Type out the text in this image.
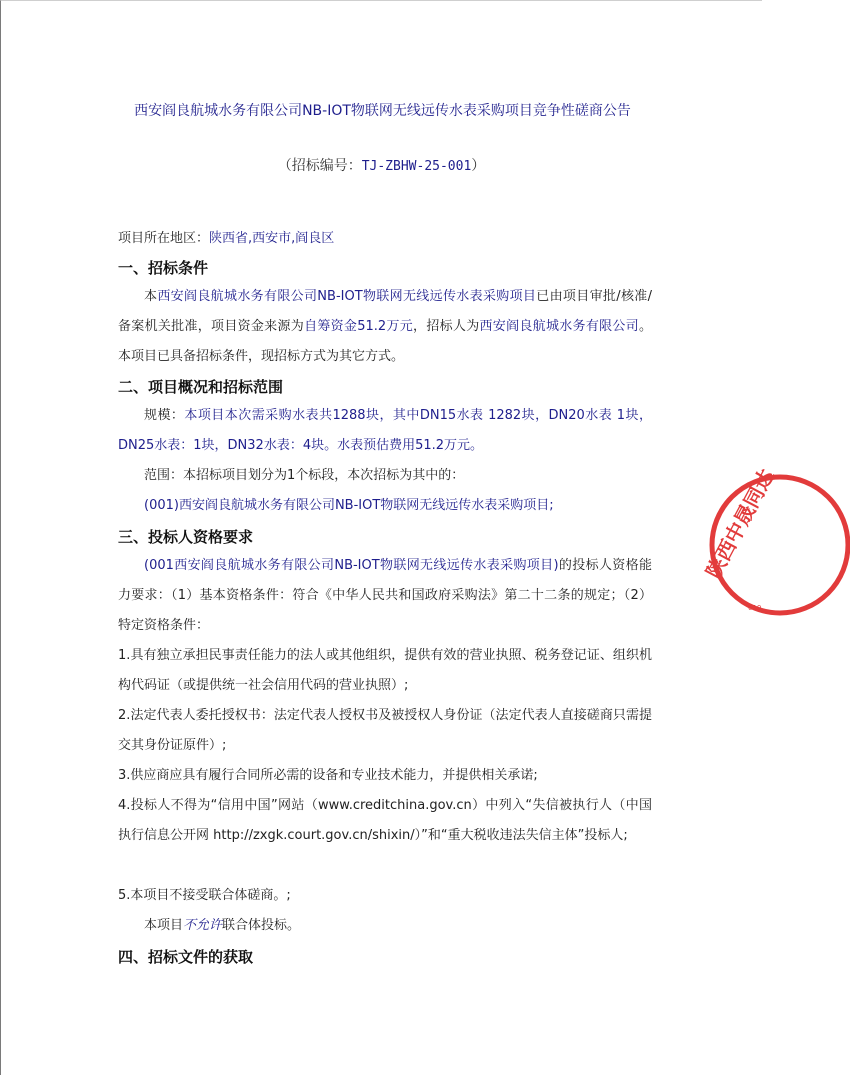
西安阎良航城水务有限公司NB-IOT物联网无线远传水表采购项目竞争性磋商公告
（招标编号：TJ-ZBHW-25-001）
项目所在地区：陕西省,西安市,阎良区
一、招标条件
本西安阎良航城水务有限公司NB-IOT物联网无线远传水表采购项目已由项目审批/核准/备案机关批准，项目资金来源为自筹资金51.2万元，招标人为西安阎良航城水务有限公司。本项目已具备招标条件，现招标方式为其它方式。
二、项目概况和招标范围
规模：本项目本次需采购水表共1288块，其中DN15水表 1282块，DN20水表 1块，DN25水表：1块，DN32水表：4块。水表预估费用51.2万元。
范围：本招标项目划分为1个标段，本次招标为其中的：
(001)西安阎良航城水务有限公司NB-IOT物联网无线远传水表采购项目;
三、投标人资格要求
(001西安阎良航城水务有限公司NB-IOT物联网无线远传水表采购项目)的投标人资格能力要求：（1）基本资格条件：符合《中华人民共和国政府采购法》第二十二条的规定；（2）特定资格条件：
1.具有独立承担民事责任能力的法人或其他组织，提供有效的营业执照、税务登记证、组织机构代码证（或提供统一社会信用代码的营业执照）;
2.法定代表人委托授权书：法定代表人授权书及被授权人身份证（法定代表人直接磋商只需提交其身份证原件）;
3.供应商应具有履行合同所必需的设备和专业技术能力，并提供相关承诺;
4.投标人不得为“信用中国”网站（www.creditchina.gov.cn）中列入“失信被执行人（中国执行信息公开网 http://zxgk.court.gov.cn/shixin/）”和“重大税收违法失信主体”投标人;
5.本项目不接受联合体磋商。;
本项目不允许联合体投标。
四、招标文件的获取
陕西中晟同达
610
